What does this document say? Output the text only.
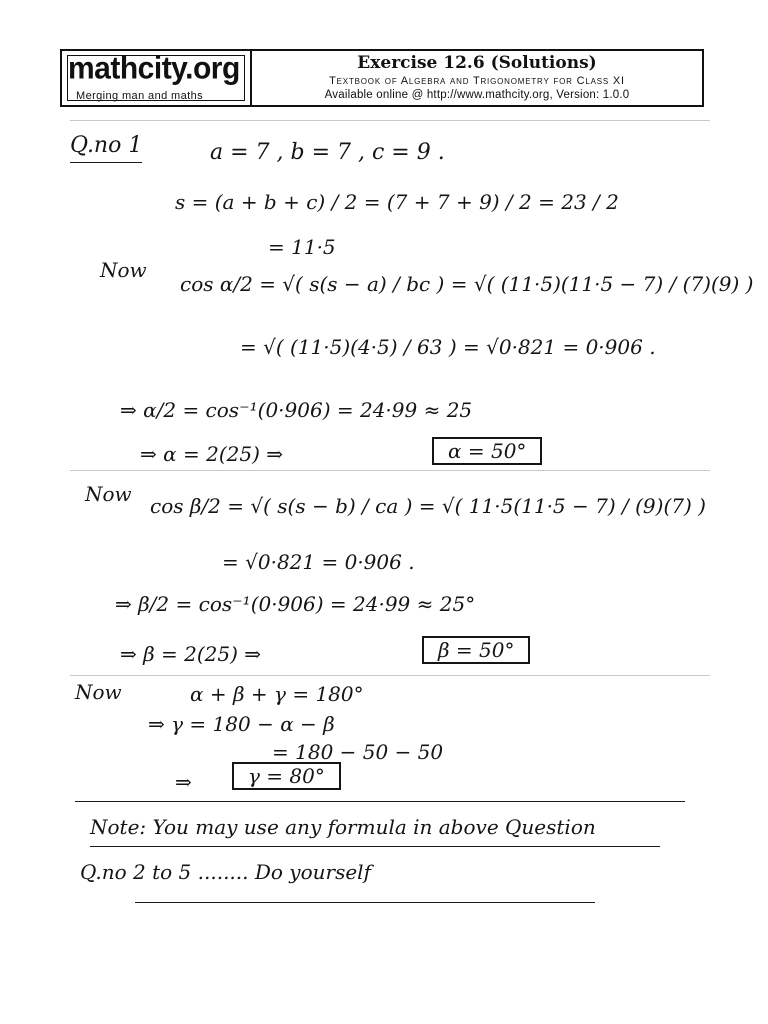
mathcity.org
Merging man and maths
Exercise 12.6 (Solutions)
Textbook of Algebra and Trigonometry for Class XI
Available online @ http://www.mathcity.org, Version: 1.0.0
Q.no 1	a = 7 , b = 7 , c = 9 .
s = (a + b + c) / 2 = (7 + 7 + 9) / 2 = 23 / 2
= 11·5
Now
cos α/2 = √( s(s − a) / bc ) = √( (11·5)(11·5 − 7) / (7)(9) )
= √( (11·5)(4·5) / 63 ) = √0·821 = 0·906 .
⇒ α/2 = cos⁻¹(0·906) = 24·99 ≈ 25
⇒ α = 2(25) ⇒	α = 50°
Now cos β/2 = √( s(s − b) / ca ) = √( 11·5(11·5 − 7) / (9)(7) )
= √0·821 = 0·906 .
⇒ β/2 = cos⁻¹(0·906) = 24·99 ≈ 25°
⇒ β = 2(25) ⇒	β = 50°
Now	α + β + γ = 180°
⇒ γ = 180 − α − β
= 180 − 50 − 50
⇒	γ = 80°
Note: You may use any formula in above Question
Q.no 2 to 5 ........ Do yourself
